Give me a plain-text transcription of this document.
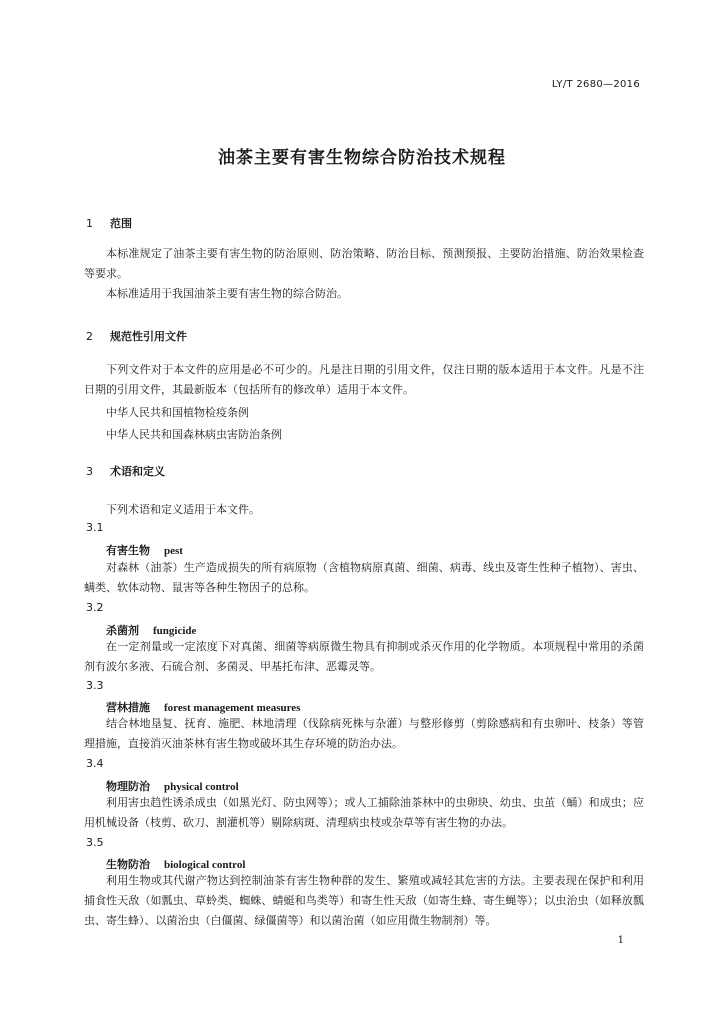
LY/T 2680—2016
油茶主要有害生物综合防治技术规程
1 范围
本标准规定了油茶主要有害生物的防治原则、防治策略、防治目标、预测预报、主要防治措施、防治效果检查等要求。
本标准适用于我国油茶主要有害生物的综合防治。
2 规范性引用文件
下列文件对于本文件的应用是必不可少的。凡是注日期的引用文件，仅注日期的版本适用于本文件。凡是不注日期的引用文件，其最新版本（包括所有的修改单）适用于本文件。
中华人民共和国植物检疫条例
中华人民共和国森林病虫害防治条例
3 术语和定义
下列术语和定义适用于本文件。
3.1
有害生物 pest
对森林（油茶）生产造成损失的所有病原物（含植物病原真菌、细菌、病毒、线虫及寄生性种子植物）、害虫、螨类、软体动物、鼠害等各种生物因子的总称。
3.2
杀菌剂 fungicide
在一定剂量或一定浓度下对真菌、细菌等病原微生物具有抑制或杀灭作用的化学物质。本项规程中常用的杀菌剂有波尔多液、石硫合剂、多菌灵、甲基托布津、恶霉灵等。
3.3
营林措施 forest management measures
结合林地垦复、抚育、施肥、林地清理（伐除病死株与杂灌）与整形修剪（剪除感病和有虫卵叶、枝条）等管理措施，直接消灭油茶林有害生物或破坏其生存环境的防治办法。
3.4
物理防治 physical control
利用害虫趋性诱杀成虫（如黑光灯、防虫网等）；或人工捕除油茶林中的虫卵块、幼虫、虫茧（蛹）和成虫；应用机械设备（枝剪、砍刀、割灌机等）剔除病斑、清理病虫枝或杂草等有害生物的办法。
3.5
生物防治 biological control
利用生物或其代谢产物达到控制油茶有害生物种群的发生、繁殖或减轻其危害的方法。主要表现在保护和利用捕食性天敌（如瓢虫、草蛉类、蜘蛛、蜻蜓和鸟类等）和寄生性天敌（如寄生蜂、寄生蝇等）；以虫治虫（如释放瓢虫、寄生蜂）、以菌治虫（白僵菌、绿僵菌等）和以菌治菌（如应用微生物制剂）等。
1
